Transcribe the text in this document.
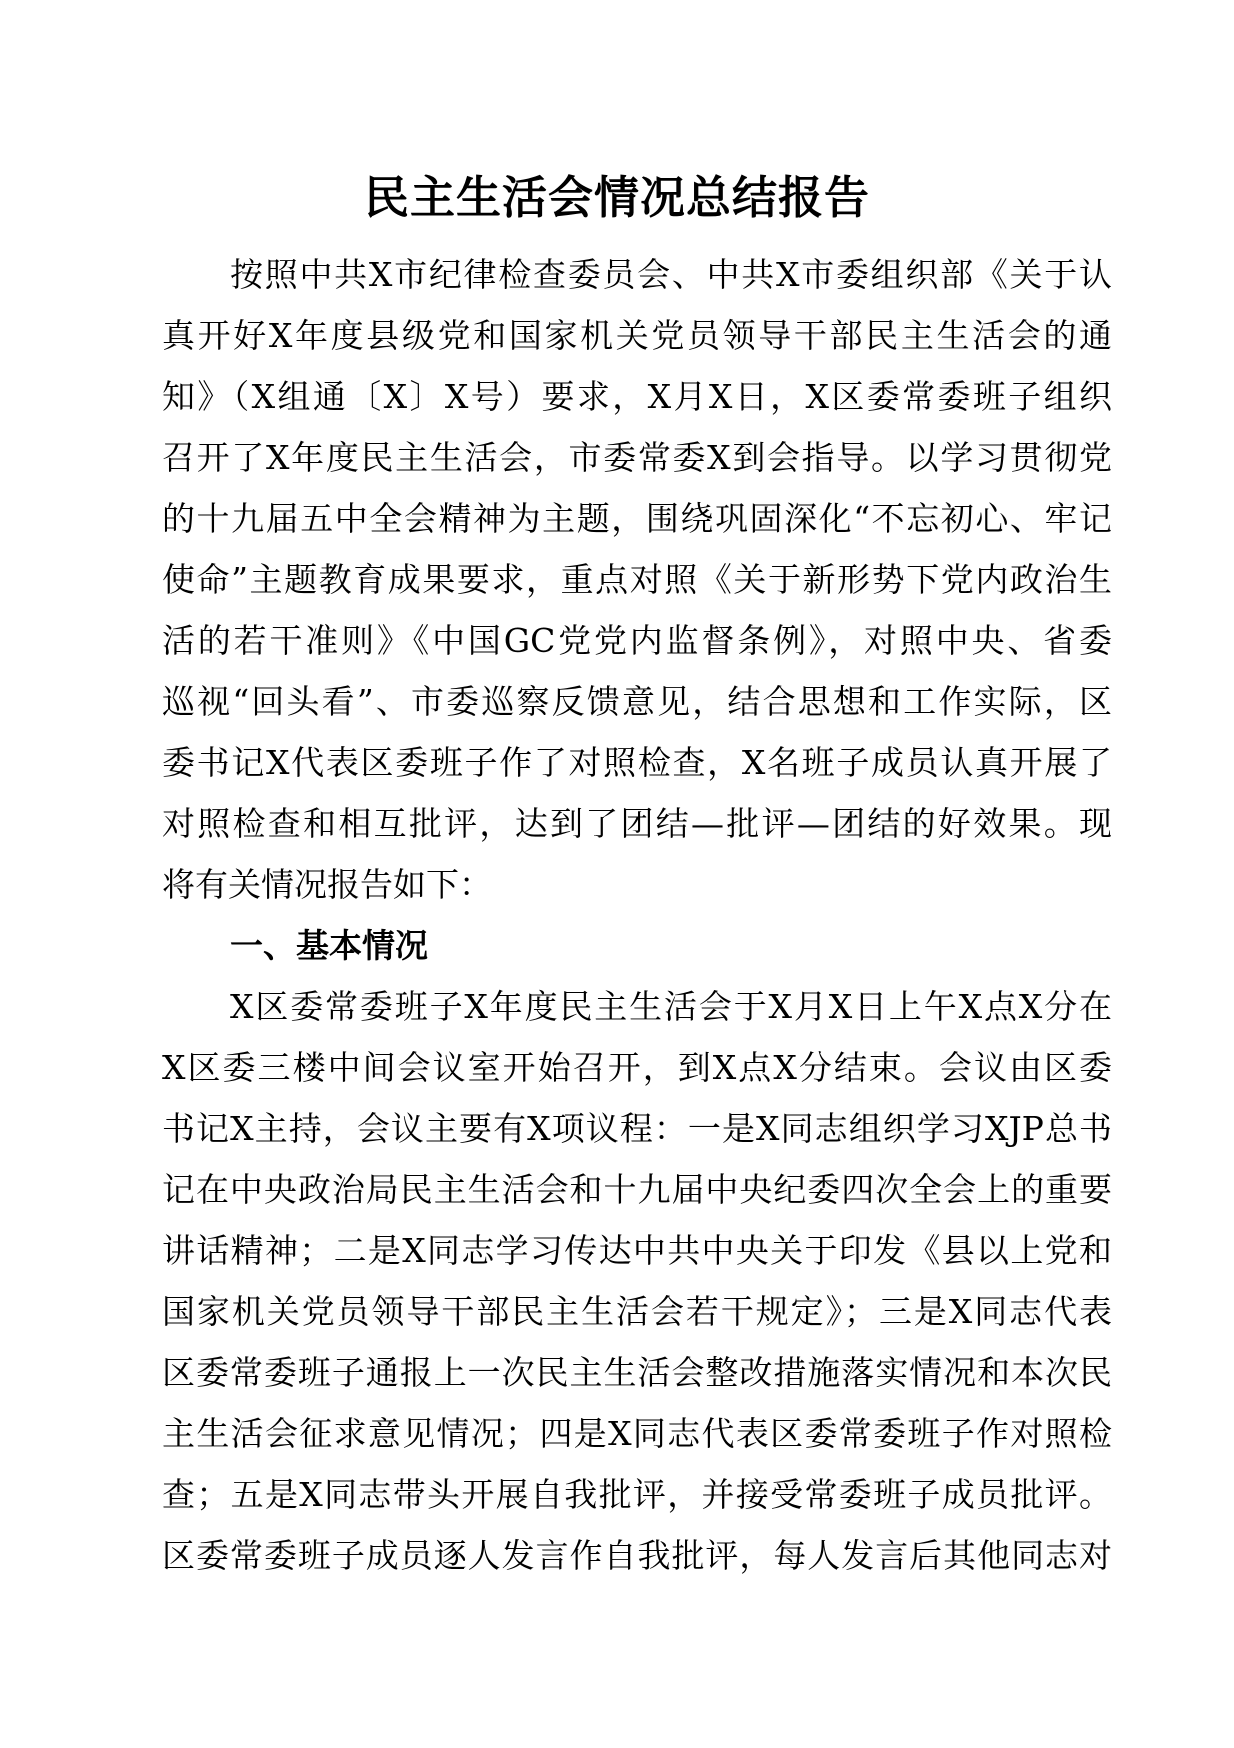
民主生活会情况总结报告
按照中共X市纪律检查委员会、中共X市委组织部《关于认
真开好X年度县级党和国家机关党员领导干部民主生活会的通
知》（X组通〔X〕X号）要求，X月X日，X区委常委班子组织
召开了X年度民主生活会，市委常委X到会指导。以学习贯彻党
的十九届五中全会精神为主题，围绕巩固深化“不忘初心、牢记
使命”主题教育成果要求，重点对照《关于新形势下党内政治生
活的若干准则》《中国GC党党内监督条例》，对照中央、省委
巡视“回头看”、市委巡察反馈意见，结合思想和工作实际，区
委书记X代表区委班子作了对照检查，X名班子成员认真开展了
对照检查和相互批评，达到了团结—批评—团结的好效果。现
将有关情况报告如下：
一、基本情况
X区委常委班子X年度民主生活会于X月X日上午X点X分在
X区委三楼中间会议室开始召开，到X点X分结束。会议由区委
书记X主持，会议主要有X项议程：一是X同志组织学习XJP总书
记在中央政治局民主生活会和十九届中央纪委四次全会上的重要
讲话精神；二是X同志学习传达中共中央关于印发《县以上党和
国家机关党员领导干部民主生活会若干规定》；三是X同志代表
区委常委班子通报上一次民主生活会整改措施落实情况和本次民
主生活会征求意见情况；四是X同志代表区委常委班子作对照检
查；五是X同志带头开展自我批评，并接受常委班子成员批评。
区委常委班子成员逐人发言作自我批评，每人发言后其他同志对
